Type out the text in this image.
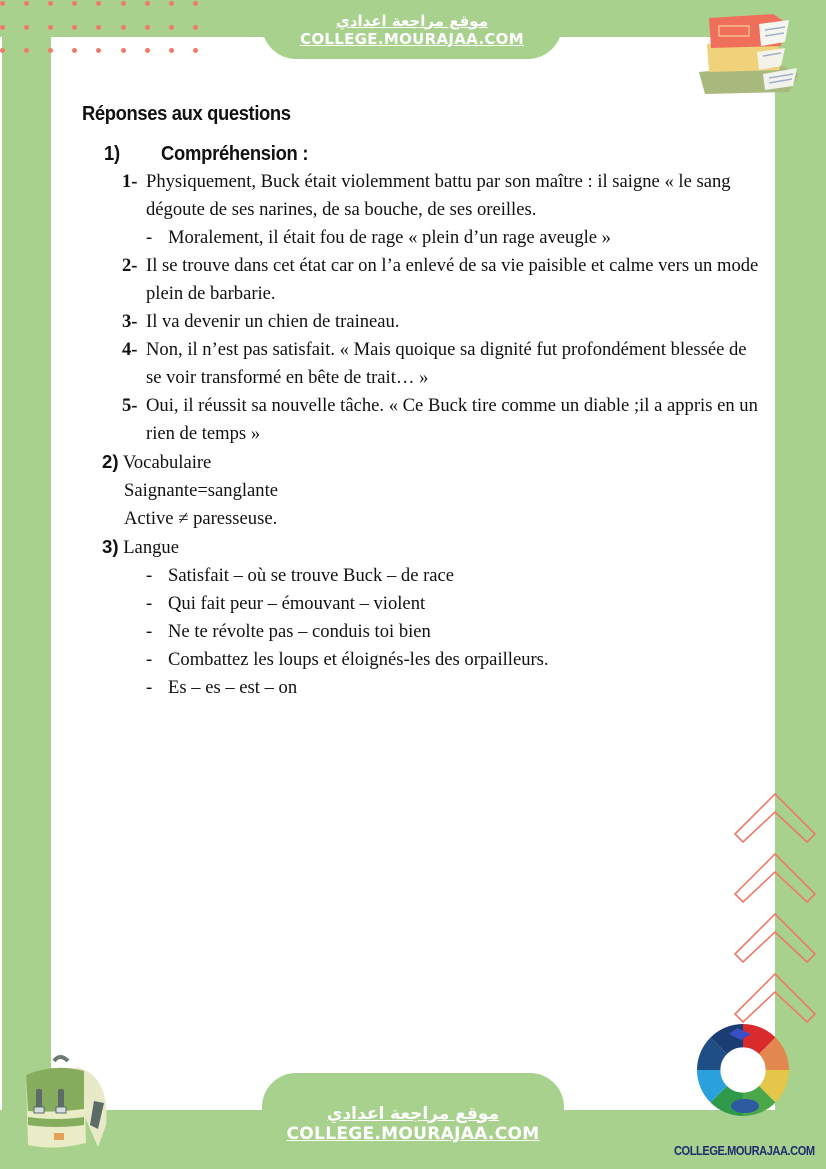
موقع مراجعة اعدادي
COLLEGE.MOURAJAA.COM
موقع مراجعة اعدادي
COLLEGE.MOURAJAA.COM
COLLEGE.MOURAJAA.COM
Réponses aux questions
1)	Compréhension :
1- Physiquement, Buck était violemment battu par son maître : il saigne « le sang dégoute de ses narines, de sa bouche, de ses oreilles.
- Moralement, il était fou de rage « plein d’un rage aveugle »
2- Il se trouve dans cet état car on l’a enlevé de sa vie paisible et calme vers un mode plein de barbarie.
3- Il va devenir un chien de traineau.
4- Non, il n’est pas satisfait. « Mais quoique sa dignité fut profondément blessée de se voir transformé en bête de trait… »
5- Oui, il réussit sa nouvelle tâche. « Ce Buck tire comme un diable ;il a appris en un rien de temps »
2) Vocabulaire
Saignante=sanglante
Active ≠ paresseuse.
3) Langue
- Satisfait – où se trouve Buck – de race
- Qui fait peur – émouvant – violent
- Ne te révolte pas – conduis toi bien
- Combattez les loups et éloignés-les des orpailleurs.
- Es – es – est – on
